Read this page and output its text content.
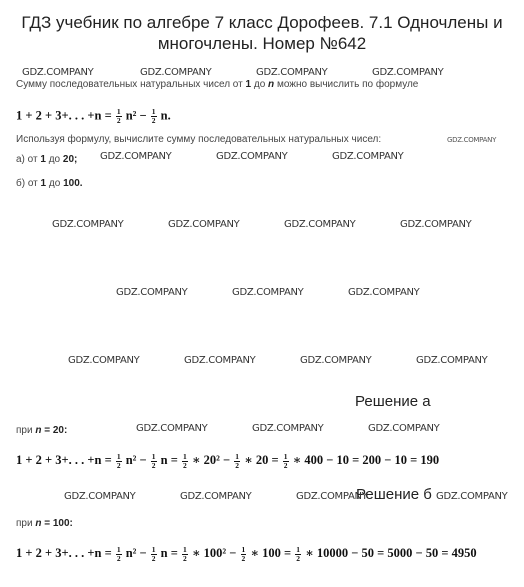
ГДЗ учебник по алгебре 7 класс Дорофеев. 7.1 Одночлены и многочлены. Номер №642
Сумму последовательных натуральных чисел от 1 до n можно вычислить по формуле
1 + 2 + 3+. . . $+n = \frac{1}{2} n^2 - \frac{1}{2} n$.
Используя формулу, вычислите сумму последовательных натуральных чисел:
а) от 1 до 20;
б) от 1 до 100.
Решение а
при n = 20:
1 + 2 + 3+. . . $+n = \frac{1}{2} n^2 - \frac{1}{2}$ $n = \frac{1}{2}$ ∗ $20^2 - \frac{1}{2}$ ∗ $20 = \frac{1}{2}$ ∗ 400 − 10 = 200 − 10 = 190
Решение б
при n = 100:
1 + 2 + 3+. . . $+n = \frac{1}{2} n^2 - \frac{1}{2}$ $n = \frac{1}{2}$ ∗ $100^2 - \frac{1}{2}$ ∗ $100 = \frac{1}{2}$ ∗ 10000 − 50 = 5000 − 50 = 4950
GDZ.COMPANY	GDZ.COMPANY	GDZ.COMPANY	GDZ.COMPANY
GDZ.COMPANY
GDZ.COMPANY	GDZ.COMPANY	GDZ.COMPANY
GDZ.COMPANY	GDZ.COMPANY	GDZ.COMPANY	GDZ.COMPANY
GDZ.COMPANY	GDZ.COMPANY	GDZ.COMPANY
GDZ.COMPANY	GDZ.COMPANY	GDZ.COMPANY	GDZ.COMPANY
GDZ.COMPANY	GDZ.COMPANY	GDZ.COMPANY
GDZ.COMPANY	GDZ.COMPANY	GDZ.COMPANY	GDZ.COMPANY
